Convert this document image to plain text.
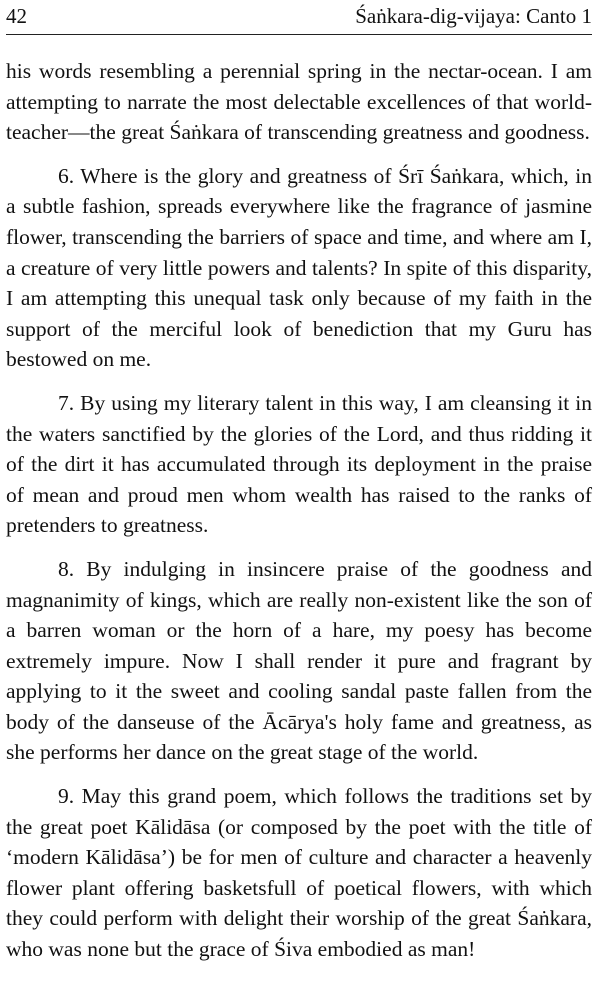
42	Śaṅkara-dig-vijaya: Canto 1

his words resembling a perennial spring in the nectar-ocean. I am attempting to narrate the most delectable excellences of that world-teacher—the great Śaṅkara of transcending greatness and goodness.

6. Where is the glory and greatness of Śrī Śaṅkara, which, in a subtle fashion, spreads everywhere like the fragrance of jasmine flower, transcending the barriers of space and time, and where am I, a creature of very little powers and talents? In spite of this disparity, I am attempting this unequal task only because of my faith in the support of the merciful look of benediction that my Guru has bestowed on me.

7. By using my literary talent in this way, I am cleansing it in the waters sanctified by the glories of the Lord, and thus ridding it of the dirt it has accumulated through its deployment in the praise of mean and proud men whom wealth has raised to the ranks of pretenders to greatness.

8. By indulging in insincere praise of the goodness and magnanimity of kings, which are really non-existent like the son of a barren woman or the horn of a hare, my poesy has become extremely impure. Now I shall render it pure and fragrant by applying to it the sweet and cooling sandal paste fallen from the body of the danseuse of the Ācārya's holy fame and greatness, as she performs her dance on the great stage of the world.

9. May this grand poem, which follows the traditions set by the great poet Kālidāsa (or composed by the poet with the title of ‘modern Kālidāsa’) be for men of culture and character a heavenly flower plant offering basketsfull of poetical flowers, with which they could perform with delight their worship of the great Śaṅkara, who was none but the grace of Śiva embodied as man!
